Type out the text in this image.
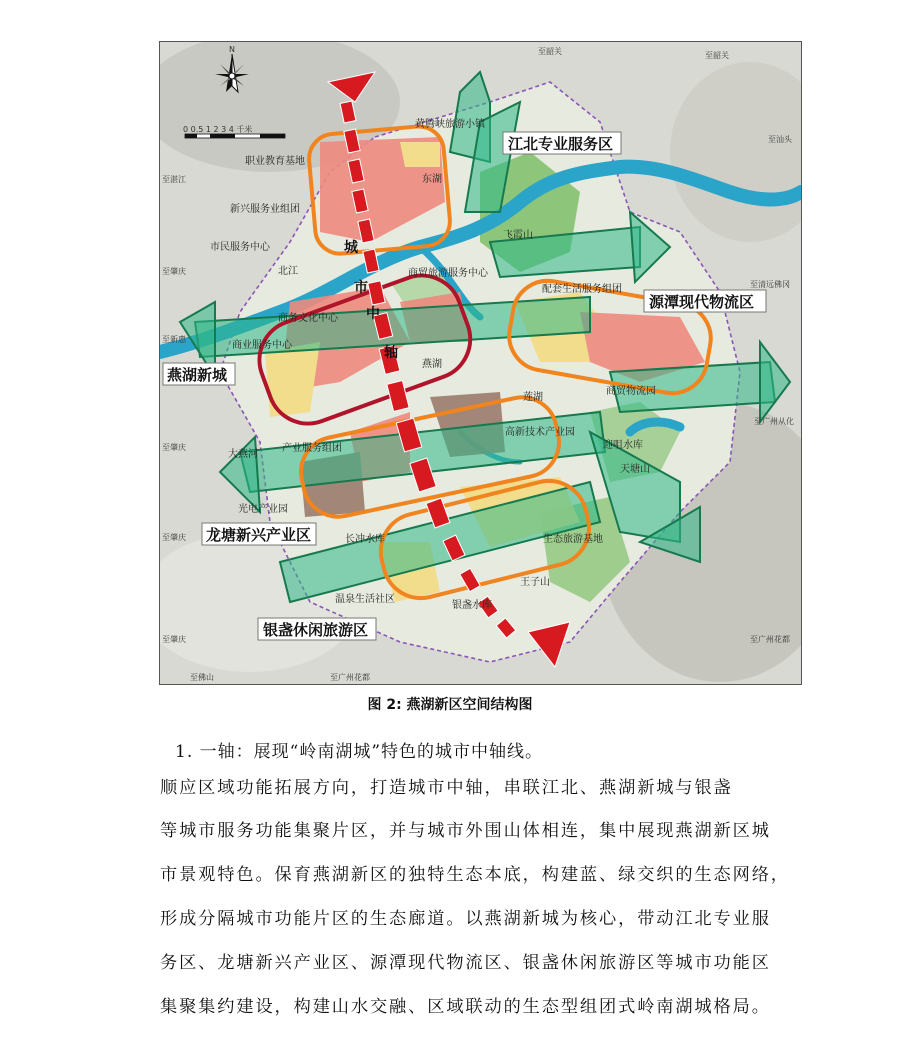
N
0 0.5 1 2 3 4 千米
至韶关	至韶关
至汕头
至湛江
至肇庆
至新惠
至肇庆
至肇庆
至肇庆
至清远佛冈
至广州从化
至广州花都
至广州花都
至佛山
黄腾峡旅游小镇
职业教育基地
东湖
新兴服务业组团
飞霞山
市民服务中心
北江	商贸旅游服务中心
配套生活服务组团
商务文化中心
商业服务中心
燕湖
莲湖
商贸物流园
高新技术产业园
迎咀水库
天塘山
产业服务组团
大燕河
光电产业园
长冲水库	生态旅游基地
王子山
温泉生活社区
银盏水库
城
市
中
轴
江北专业服务区
源潭现代物流区
燕湖新城
龙塘新兴产业区
银盏休闲旅游区
图 2: 燕湖新区空间结构图
1. 一轴：展现“岭南湖城”特色的城市中轴线。
顺应区域功能拓展方向，打造城市中轴，串联江北、燕湖新城与银盏
等城市服务功能集聚片区，并与城市外围山体相连，集中展现燕湖新区城
市景观特色。保育燕湖新区的独特生态本底，构建蓝、绿交织的生态网络，
形成分隔城市功能片区的生态廊道。以燕湖新城为核心，带动江北专业服
务区、龙塘新兴产业区、源潭现代物流区、银盏休闲旅游区等城市功能区
集聚集约建设，构建山水交融、区域联动的生态型组团式岭南湖城格局。
